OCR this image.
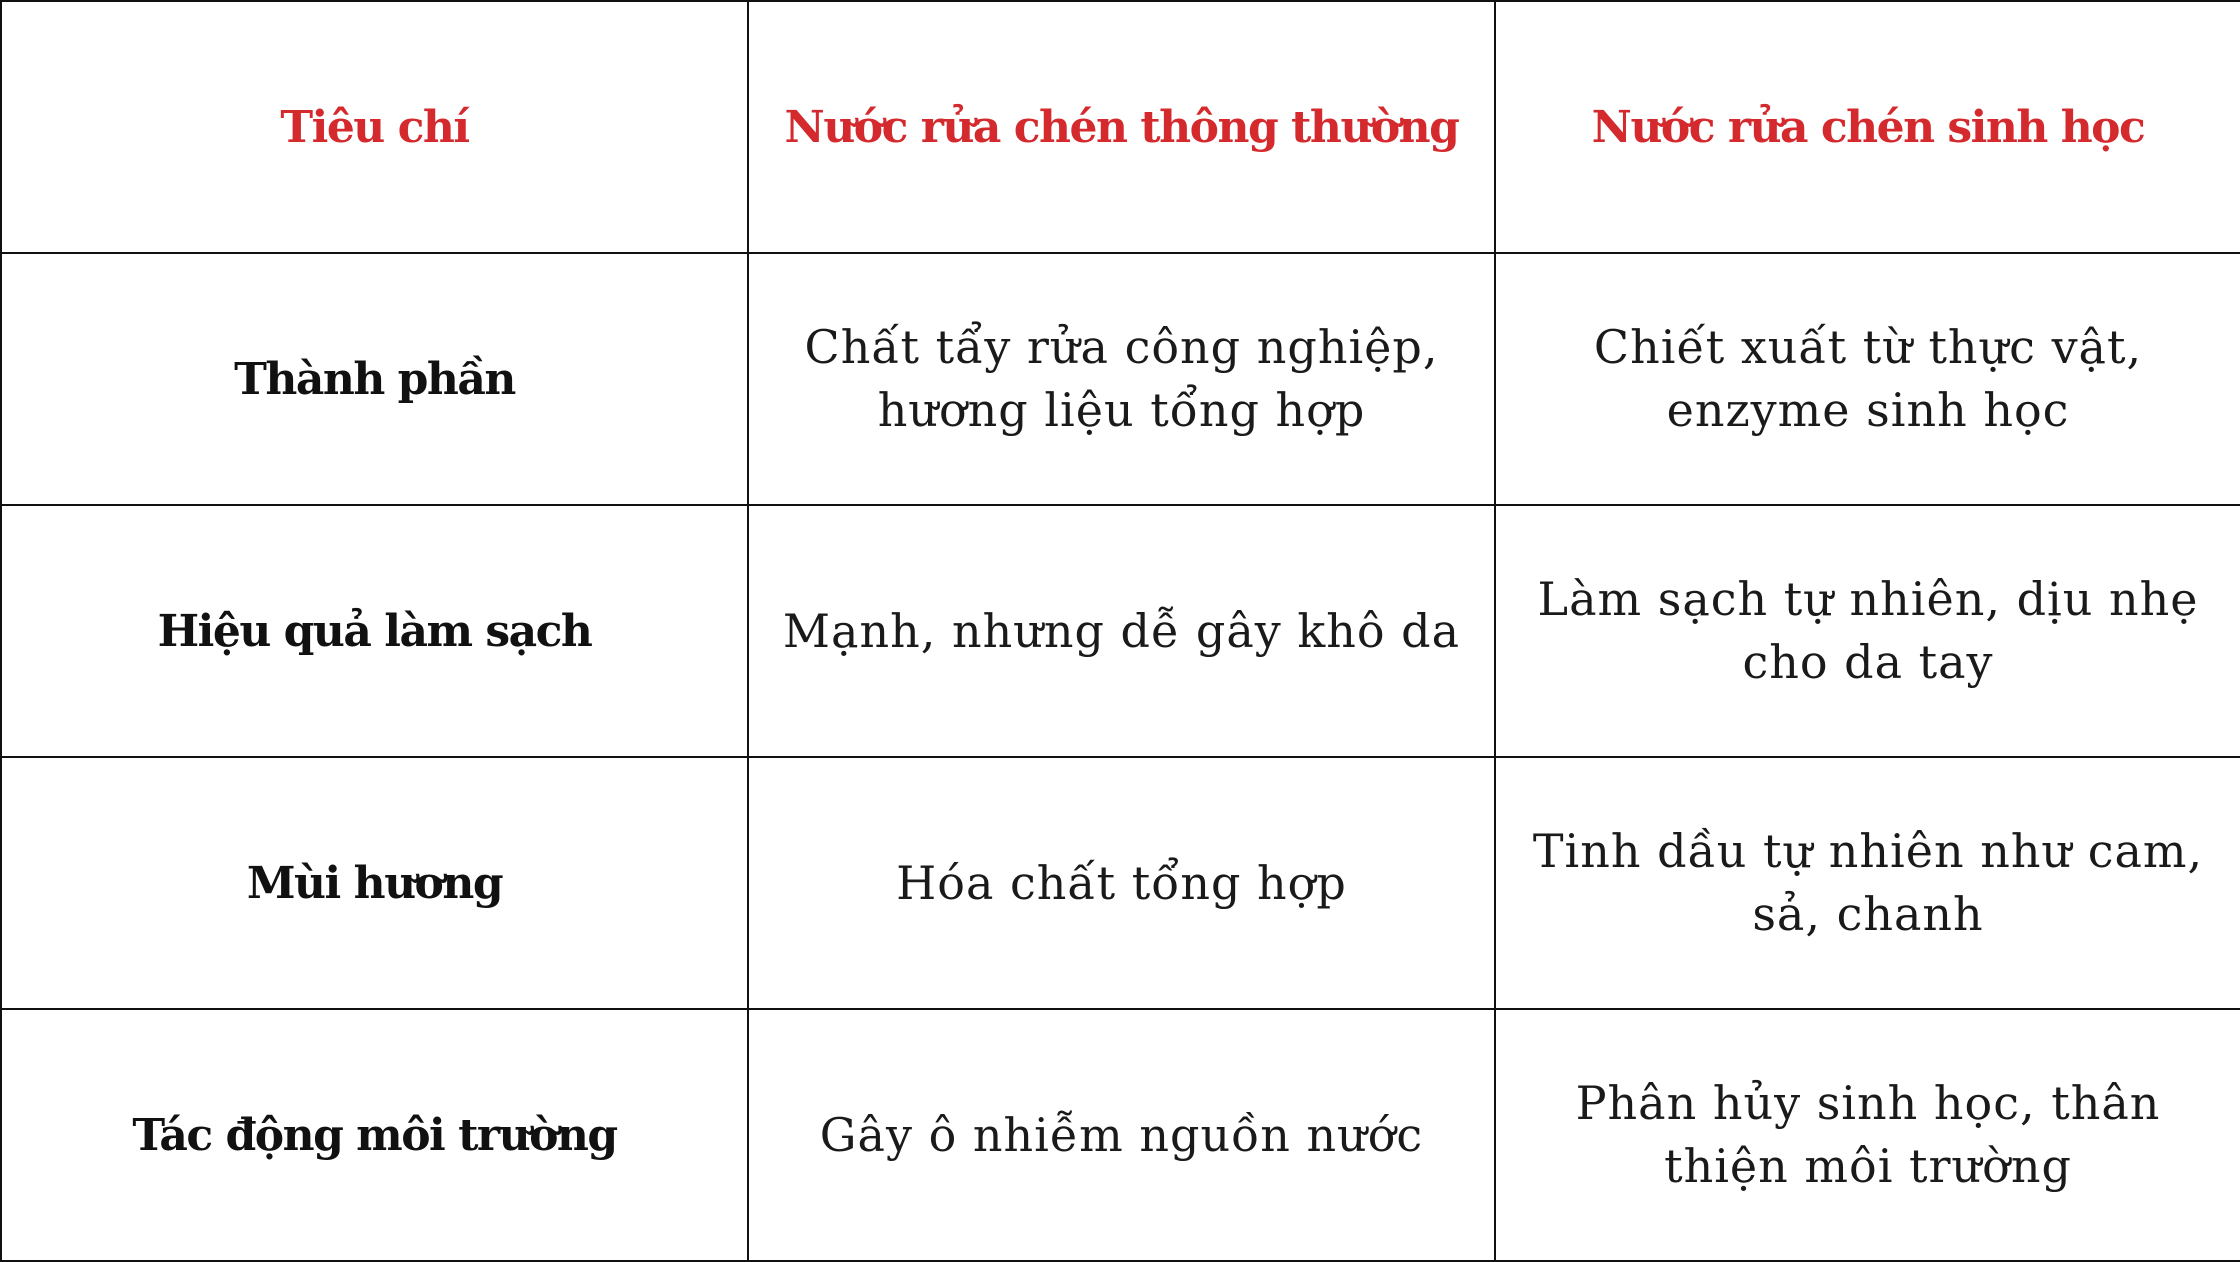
Tiêu chí	Nước rửa chén thông thường	Nước rửa chén sinh học
Thành phần	Chất tẩy rửa công nghiệp, hương liệu tổng hợp	Chiết xuất từ thực vật, enzyme sinh học
Hiệu quả làm sạch	Mạnh, nhưng dễ gây khô da	Làm sạch tự nhiên, dịu nhẹ cho da tay
Mùi hương	Hóa chất tổng hợp	Tinh dầu tự nhiên như cam, sả, chanh
Tác động môi trường	Gây ô nhiễm nguồn nước	Phân hủy sinh học, thân thiện môi trường
